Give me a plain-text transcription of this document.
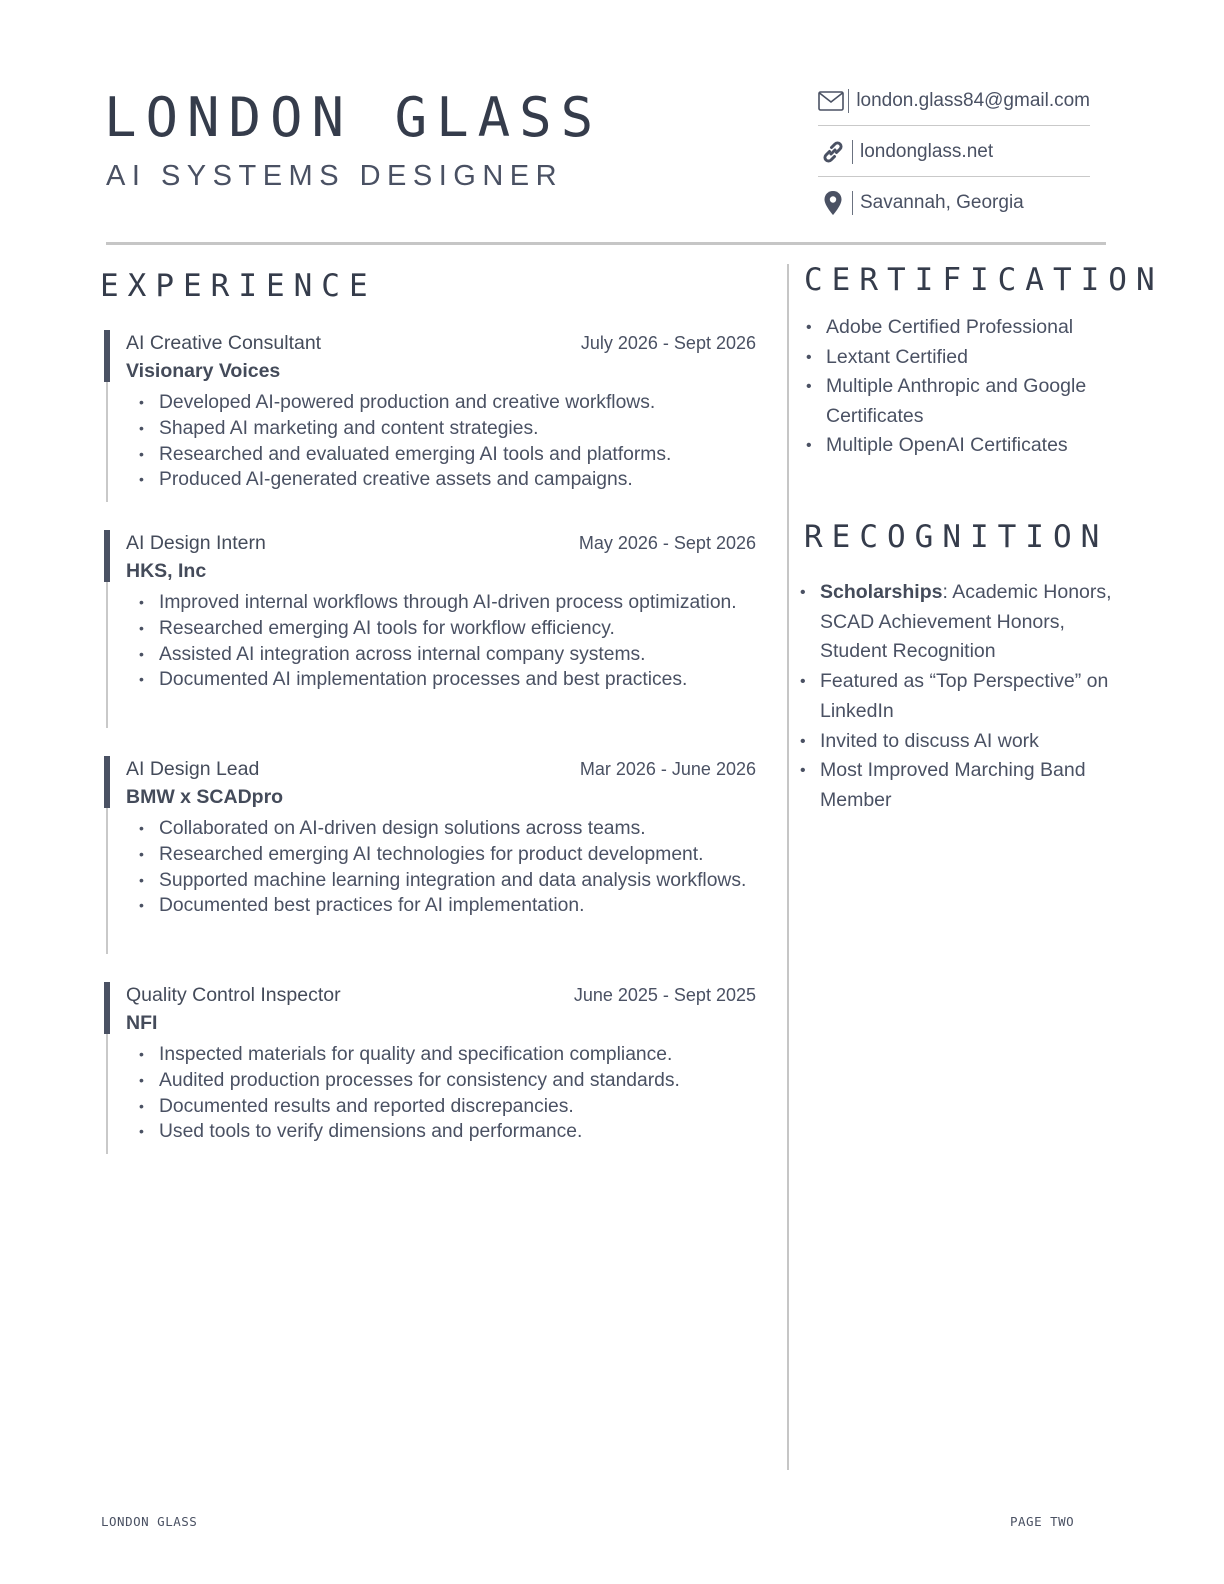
LONDON GLASS
AI SYSTEMS DESIGNER
london.glass84@gmail.com
londonglass.net
Savannah, Georgia
EXPERIENCE
AI Creative Consultant	July 2026 - Sept 2026
Visionary Voices
• Developed AI-powered production and creative workflows.
• Shaped AI marketing and content strategies.
• Researched and evaluated emerging AI tools and platforms.
• Produced AI-generated creative assets and campaigns.
AI Design Intern	May 2026 - Sept 2026
HKS, Inc
• Improved internal workflows through AI-driven process optimization.
• Researched emerging AI tools for workflow efficiency.
• Assisted AI integration across internal company systems.
• Documented AI implementation processes and best practices.
AI Design Lead	Mar 2026 - June 2026
BMW x SCADpro
• Collaborated on AI-driven design solutions across teams.
• Researched emerging AI technologies for product development.
• Supported machine learning integration and data analysis workflows.
• Documented best practices for AI implementation.
Quality Control Inspector	June 2025 - Sept 2025
NFI
• Inspected materials for quality and specification compliance.
• Audited production processes for consistency and standards.
• Documented results and reported discrepancies.
• Used tools to verify dimensions and performance.
CERTIFICATION
• Adobe Certified Professional
• Lextant Certified
• Multiple Anthropic and Google Certificates
• Multiple OpenAI Certificates
RECOGNITION
• Scholarships: Academic Honors, SCAD Achievement Honors, Student Recognition
• Featured as “Top Perspective” on LinkedIn
• Invited to discuss AI work
• Most Improved Marching Band Member
LONDON GLASS	PAGE TWO
